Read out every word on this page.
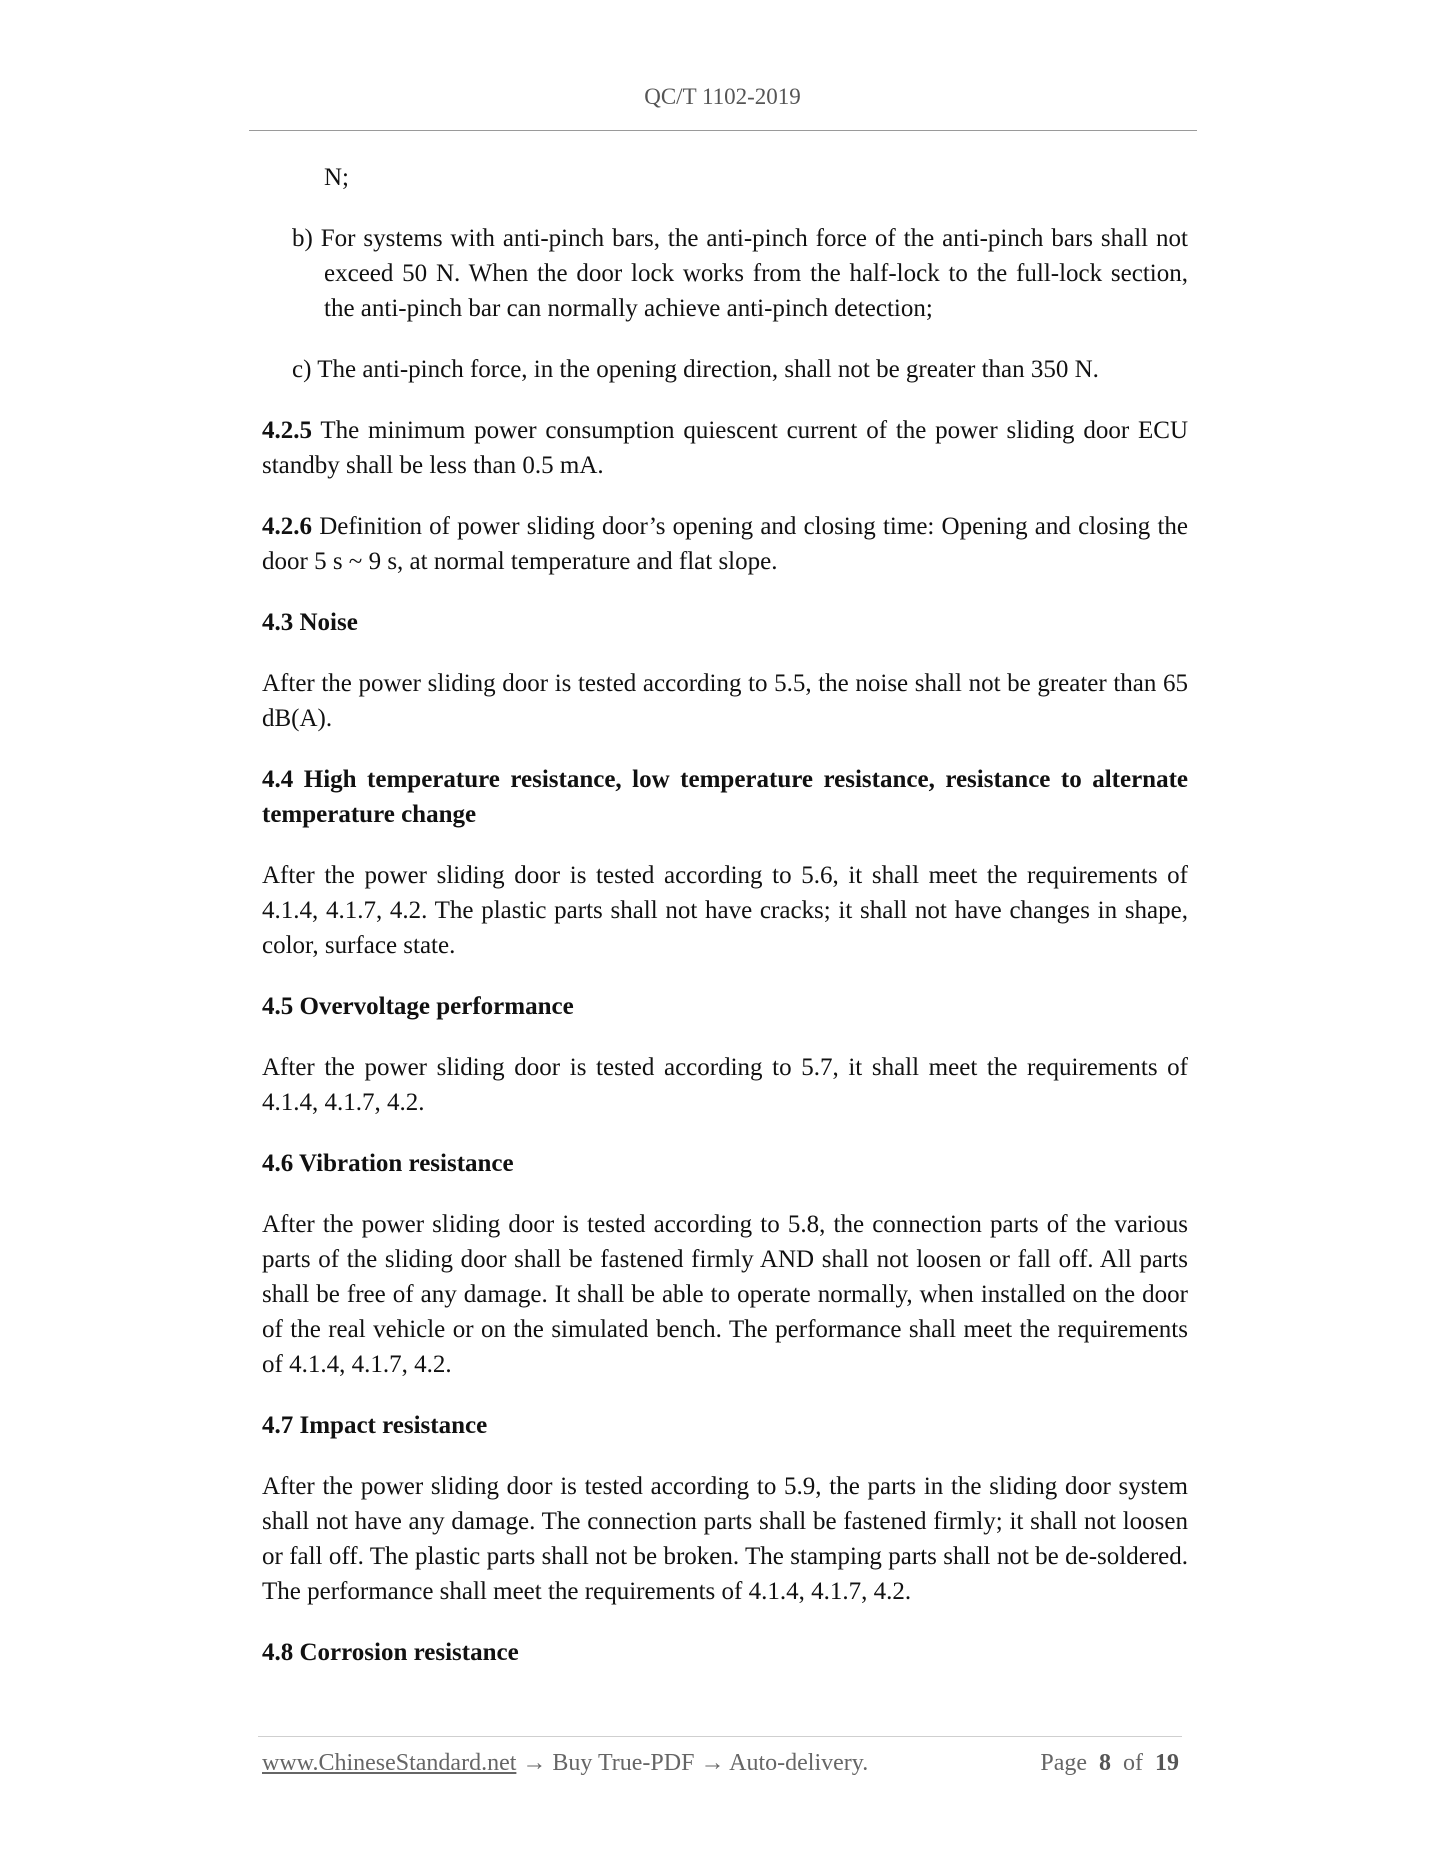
QC/T 1102-2019

N;

b) For systems with anti-pinch bars, the anti-pinch force of the anti-pinch bars shall not exceed 50 N. When the door lock works from the half-lock to the full-lock section, the anti-pinch bar can normally achieve anti-pinch detection;

c) The anti-pinch force, in the opening direction, shall not be greater than 350 N.

4.2.5 The minimum power consumption quiescent current of the power sliding door ECU standby shall be less than 0.5 mA.

4.2.6 Definition of power sliding door’s opening and closing time: Opening and closing the door 5 s ~ 9 s, at normal temperature and flat slope.

4.3 Noise

After the power sliding door is tested according to 5.5, the noise shall not be greater than 65 dB(A).

4.4 High temperature resistance, low temperature resistance, resistance to alternate temperature change

After the power sliding door is tested according to 5.6, it shall meet the requirements of 4.1.4, 4.1.7, 4.2. The plastic parts shall not have cracks; it shall not have changes in shape, color, surface state.

4.5 Overvoltage performance

After the power sliding door is tested according to 5.7, it shall meet the requirements of 4.1.4, 4.1.7, 4.2.

4.6 Vibration resistance

After the power sliding door is tested according to 5.8, the connection parts of the various parts of the sliding door shall be fastened firmly AND shall not loosen or fall off. All parts shall be free of any damage. It shall be able to operate normally, when installed on the door of the real vehicle or on the simulated bench. The performance shall meet the requirements of 4.1.4, 4.1.7, 4.2.

4.7 Impact resistance

After the power sliding door is tested according to 5.9, the parts in the sliding door system shall not have any damage. The connection parts shall be fastened firmly; it shall not loosen or fall off. The plastic parts shall not be broken. The stamping parts shall not be de-soldered. The performance shall meet the requirements of 4.1.4, 4.1.7, 4.2.

4.8 Corrosion resistance

www.ChineseStandard.net → Buy True-PDF → Auto-delivery.	Page 8 of 19
